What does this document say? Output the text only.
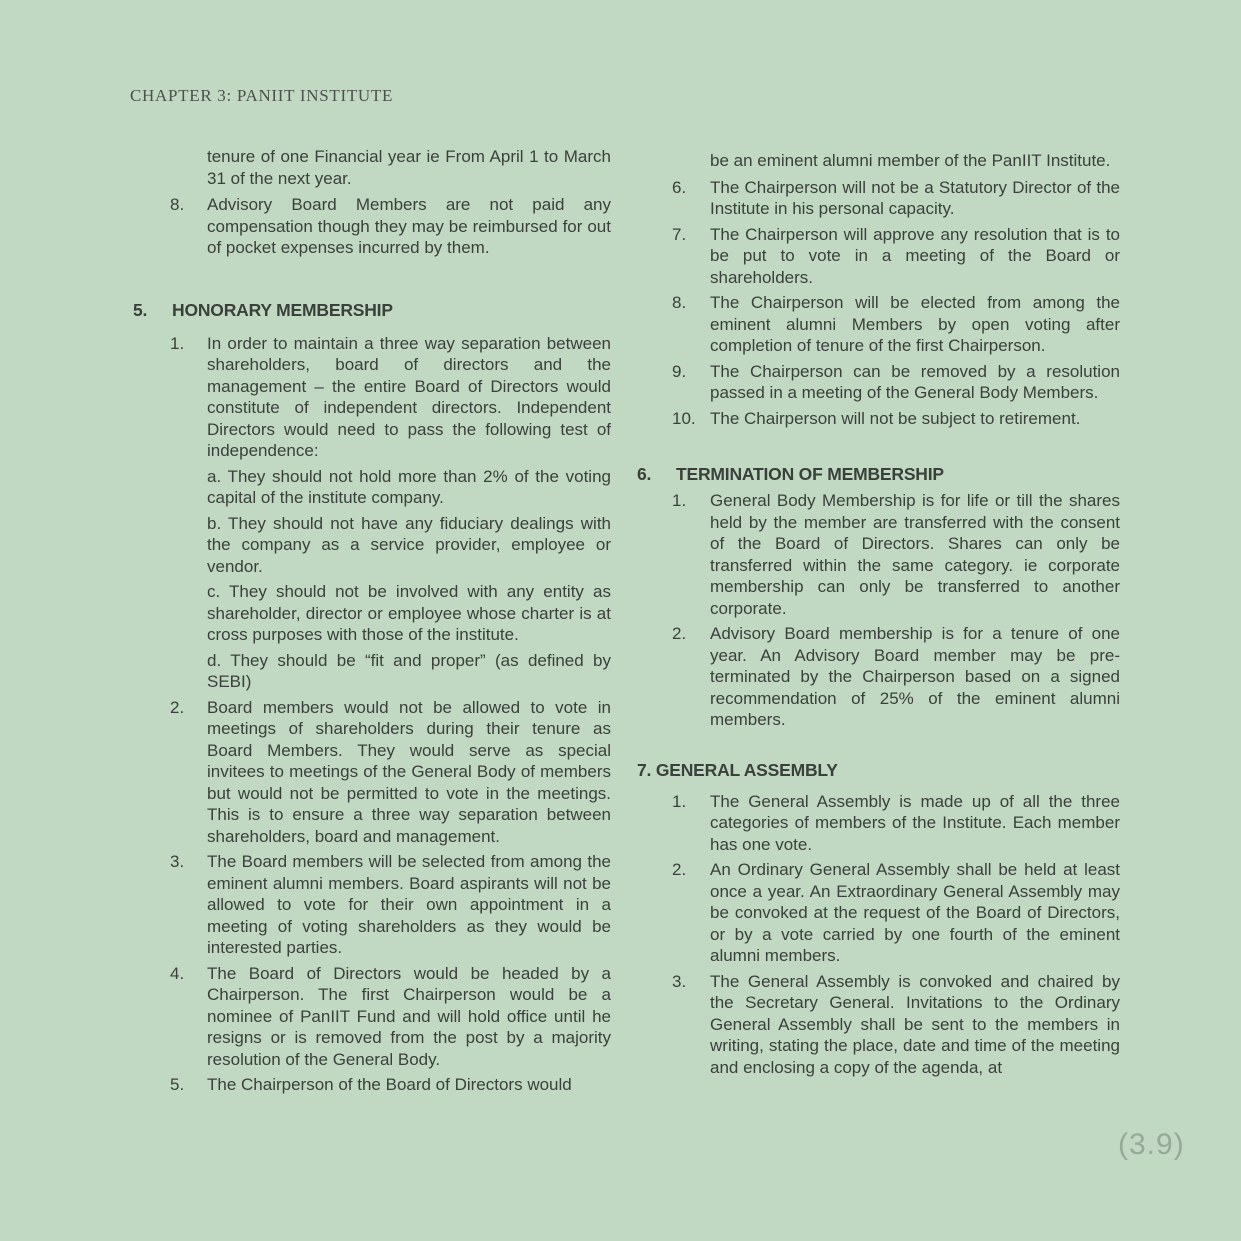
CHAPTER 3: PANIIT INSTITUTE

tenure of one Financial year ie From April 1 to March 31 of the next year.

8. Advisory Board Members are not paid any compensation though they may be reimbursed for out of pocket expenses incurred by them.

5. HONORARY MEMBERSHIP
1. In order to maintain a three way separation between shareholders, board of directors and the management – the entire Board of Directors would constitute of independent directors. Independent Directors would need to pass the following test of independence:

a. They should not hold more than 2% of the voting capital of the institute company.

b. They should not have any fiduciary dealings with the company as a service provider, employee or vendor.

c. They should not be involved with any entity as shareholder, director or employee whose charter is at cross purposes with those of the institute.

d. They should be “fit and proper” (as defined by SEBI)

2. Board members would not be allowed to vote in meetings of shareholders during their tenure as Board Members. They would serve as special invitees to meetings of the General Body of members but would not be permitted to vote in the meetings. This is to ensure a three way separation between shareholders, board and management.

3. The Board members will be selected from among the eminent alumni members. Board aspirants will not be allowed to vote for their own appointment in a meeting of voting shareholders as they would be interested parties.

4. The Board of Directors would be headed by a Chairperson. The first Chairperson would be a nominee of PanIIT Fund and will hold office until he resigns or is removed from the post by a majority resolution of the General Body.

5. The Chairperson of the Board of Directors would

be an eminent alumni member of the PanIIT Institute.

6. The Chairperson will not be a Statutory Director of the Institute in his personal capacity.

7. The Chairperson will approve any resolution that is to be put to vote in a meeting of the Board or shareholders.

8. The Chairperson will be elected from among the eminent alumni Members by open voting after completion of tenure of the first Chairperson.

9. The Chairperson can be removed by a resolution passed in a meeting of the General Body Members.

10. The Chairperson will not be subject to retirement.

6. TERMINATION OF MEMBERSHIP
1. General Body Membership is for life or till the shares held by the member are transferred with the consent of the Board of Directors. Shares can only be transferred within the same category. ie corporate membership can only be transferred to another corporate.

2. Advisory Board membership is for a tenure of one year. An Advisory Board member may be pre-terminated by the Chairperson based on a signed recommendation of 25% of the eminent alumni members.

7. GENERAL ASSEMBLY
1. The General Assembly is made up of all the three categories of members of the Institute. Each member has one vote.

2. An Ordinary General Assembly shall be held at least once a year. An Extraordinary General Assembly may be convoked at the request of the Board of Directors, or by a vote carried by one fourth of the eminent alumni members.

3. The General Assembly is convoked and chaired by the Secretary General. Invitations to the Ordinary General Assembly shall be sent to the members in writing, stating the place, date and time of the meeting and enclosing a copy of the agenda, at

(3.9)
